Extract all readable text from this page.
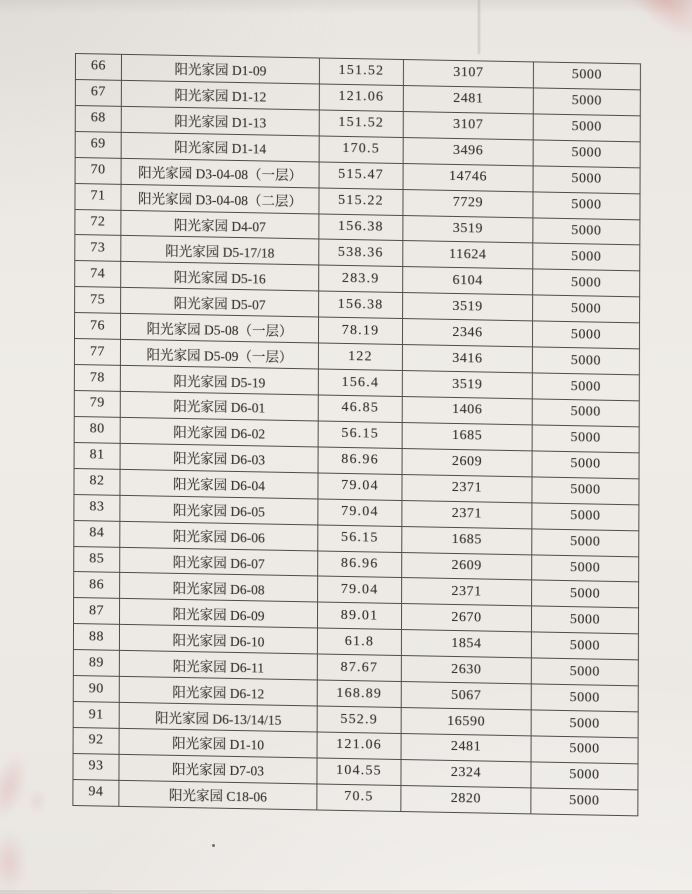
66	阳光家园 D1-09	151.52	3107	5000
67	阳光家园 D1-12	121.06	2481	5000
68	阳光家园 D1-13	151.52	3107	5000
69	阳光家园 D1-14	170.5	3496	5000
70	阳光家园 D3-04-08（一层）	515.47	14746	5000
71	阳光家园 D3-04-08（二层）	515.22	7729	5000
72	阳光家园 D4-07	156.38	3519	5000
73	阳光家园 D5-17/18	538.36	11624	5000
74	阳光家园 D5-16	283.9	6104	5000
75	阳光家园 D5-07	156.38	3519	5000
76	阳光家园 D5-08（一层）	78.19	2346	5000
77	阳光家园 D5-09（一层）	122	3416	5000
78	阳光家园 D5-19	156.4	3519	5000
79	阳光家园 D6-01	46.85	1406	5000
80	阳光家园 D6-02	56.15	1685	5000
81	阳光家园 D6-03	86.96	2609	5000
82	阳光家园 D6-04	79.04	2371	5000
83	阳光家园 D6-05	79.04	2371	5000
84	阳光家园 D6-06	56.15	1685	5000
85	阳光家园 D6-07	86.96	2609	5000
86	阳光家园 D6-08	79.04	2371	5000
87	阳光家园 D6-09	89.01	2670	5000
88	阳光家园 D6-10	61.8	1854	5000
89	阳光家园 D6-11	87.67	2630	5000
90	阳光家园 D6-12	168.89	5067	5000
91	阳光家园 D6-13/14/15	552.9	16590	5000
92	阳光家园 D1-10	121.06	2481	5000
93	阳光家园 D7-03	104.55	2324	5000
94	阳光家园 C18-06	70.5	2820	5000
